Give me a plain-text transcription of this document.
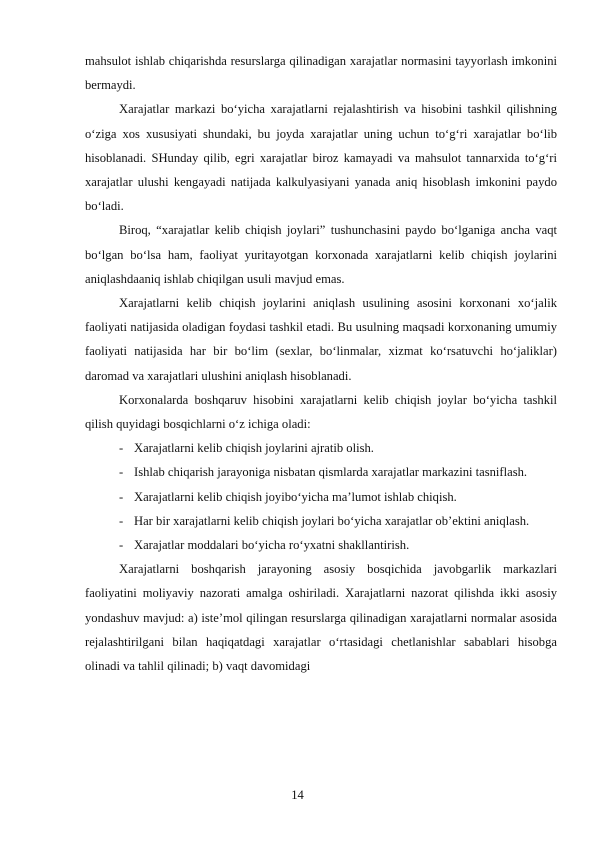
mahsulot ishlab chiqarishda resurslarga qilinadigan xarajatlar normasini tayyorlash imkonini bermaydi.

Xarajatlar markazi bo‘yicha xarajatlarni rejalashtirish va hisobini tashkil qilishning o‘ziga xos xususiyati shundaki, bu joyda xarajatlar uning uchun to‘g‘ri xarajatlar bo‘lib hisoblanadi. SHunday qilib, egri xarajatlar biroz kamayadi va mahsulot tannarxida to‘g‘ri xarajatlar ulushi kengayadi natijada kalkulyasiyani yanada aniq hisoblash imkonini paydo bo‘ladi.

Biroq, “xarajatlar kelib chiqish joylari” tushunchasini paydo bo‘lganiga ancha vaqt bo‘lgan bo‘lsa ham, faoliyat yuritayotgan korxonada xarajatlarni kelib chiqish joylarini aniqlashdaaniq ishlab chiqilgan usuli mavjud emas.

Xarajatlarni kelib chiqish joylarini aniqlash usulining asosini korxonani xo‘jalik faoliyati natijasida oladigan foydasi tashkil etadi. Bu usulning maqsadi korxonaning umumiy faoliyati natijasida har bir bo‘lim (sexlar, bo‘linmalar, xizmat ko‘rsatuvchi ho‘jaliklar) daromad va xarajatlari ulushini aniqlash hisoblanadi.

Korxonalarda boshqaruv hisobini xarajatlarni kelib chiqish joylar bo‘yicha tashkil qilish quyidagi bosqichlarni o‘z ichiga oladi:

- Xarajatlarni kelib chiqish joylarini ajratib olish.

- Ishlab chiqarish jarayoniga nisbatan qismlarda xarajatlar markazini tasniflash.

- Xarajatlarni kelib chiqish joyibo‘yicha ma’lumot ishlab chiqish.

- Har bir xarajatlarni kelib chiqish joylari bo‘yicha xarajatlar ob’ektini aniqlash.

- Xarajatlar moddalari bo‘yicha ro‘yxatni shakllantirish.

Xarajatlarni boshqarish jarayoning asosiy bosqichida javobgarlik markazlari faoliyatini moliyaviy nazorati amalga oshiriladi. Xarajatlarni nazorat qilishda ikki asosiy yondashuv mavjud: a) iste’mol qilingan resurslarga qilinadigan xarajatlarni normalar asosida rejalashtirilgani bilan haqiqatdagi xarajatlar o‘rtasidagi chetlanishlar sabablari hisobga olinadi va tahlil qilinadi; b) vaqt davomidagi

14
